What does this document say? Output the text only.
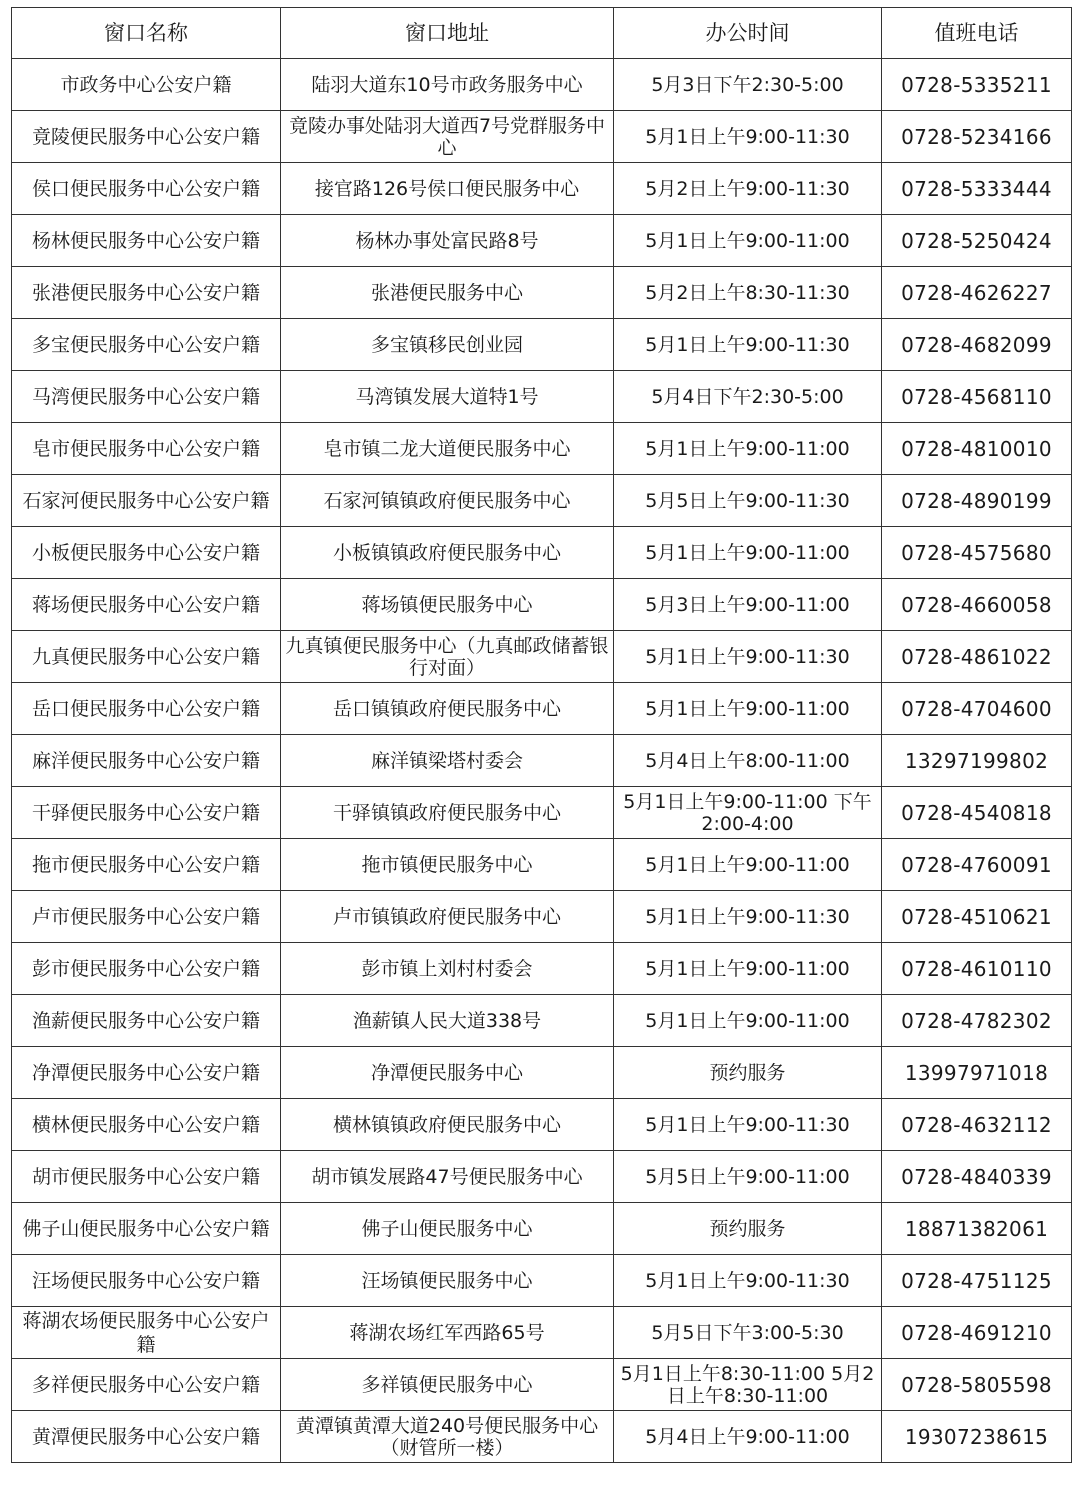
窗口名称	窗口地址	办公时间	值班电话
市政务中心公安户籍	陆羽大道东10号市政务服务中心	5月3日下午2:30-5:00	0728-5335211
竟陵便民服务中心公安户籍	竟陵办事处陆羽大道西7号党群服务中心	5月1日上午9:00-11:30	0728-5234166
侯口便民服务中心公安户籍	接官路126号侯口便民服务中心	5月2日上午9:00-11:30	0728-5333444
杨林便民服务中心公安户籍	杨林办事处富民路8号	5月1日上午9:00-11:00	0728-5250424
张港便民服务中心公安户籍	张港便民服务中心	5月2日上午8:30-11:30	0728-4626227
多宝便民服务中心公安户籍	多宝镇移民创业园	5月1日上午9:00-11:30	0728-4682099
马湾便民服务中心公安户籍	马湾镇发展大道特1号	5月4日下午2:30-5:00	0728-4568110
皂市便民服务中心公安户籍	皂市镇二龙大道便民服务中心	5月1日上午9:00-11:00	0728-4810010
石家河便民服务中心公安户籍	石家河镇镇政府便民服务中心	5月5日上午9:00-11:30	0728-4890199
小板便民服务中心公安户籍	小板镇镇政府便民服务中心	5月1日上午9:00-11:00	0728-4575680
蒋场便民服务中心公安户籍	蒋场镇便民服务中心	5月3日上午9:00-11:00	0728-4660058
九真便民服务中心公安户籍	九真镇便民服务中心（九真邮政储蓄银行对面）	5月1日上午9:00-11:30	0728-4861022
岳口便民服务中心公安户籍	岳口镇镇政府便民服务中心	5月1日上午9:00-11:00	0728-4704600
麻洋便民服务中心公安户籍	麻洋镇梁塔村委会	5月4日上午8:00-11:00	13297199802
干驿便民服务中心公安户籍	干驿镇镇政府便民服务中心	5月1日上午9:00-11:00 下午2:00-4:00	0728-4540818
拖市便民服务中心公安户籍	拖市镇便民服务中心	5月1日上午9:00-11:00	0728-4760091
卢市便民服务中心公安户籍	卢市镇镇政府便民服务中心	5月1日上午9:00-11:30	0728-4510621
彭市便民服务中心公安户籍	彭市镇上刘村村委会	5月1日上午9:00-11:00	0728-4610110
渔薪便民服务中心公安户籍	渔薪镇人民大道338号	5月1日上午9:00-11:00	0728-4782302
净潭便民服务中心公安户籍	净潭便民服务中心	预约服务	13997971018
横林便民服务中心公安户籍	横林镇镇政府便民服务中心	5月1日上午9:00-11:30	0728-4632112
胡市便民服务中心公安户籍	胡市镇发展路47号便民服务中心	5月5日上午9:00-11:00	0728-4840339
佛子山便民服务中心公安户籍	佛子山便民服务中心	预约服务	18871382061
汪场便民服务中心公安户籍	汪场镇便民服务中心	5月1日上午9:00-11:30	0728-4751125
蒋湖农场便民服务中心公安户籍	蒋湖农场红军西路65号	5月5日下午3:00-5:30	0728-4691210
多祥便民服务中心公安户籍	多祥镇便民服务中心	5月1日上午8:30-11:00 5月2日上午8:30-11:00	0728-5805598
黄潭便民服务中心公安户籍	黄潭镇黄潭大道240号便民服务中心（财管所一楼）	5月4日上午9:00-11:00	19307238615
